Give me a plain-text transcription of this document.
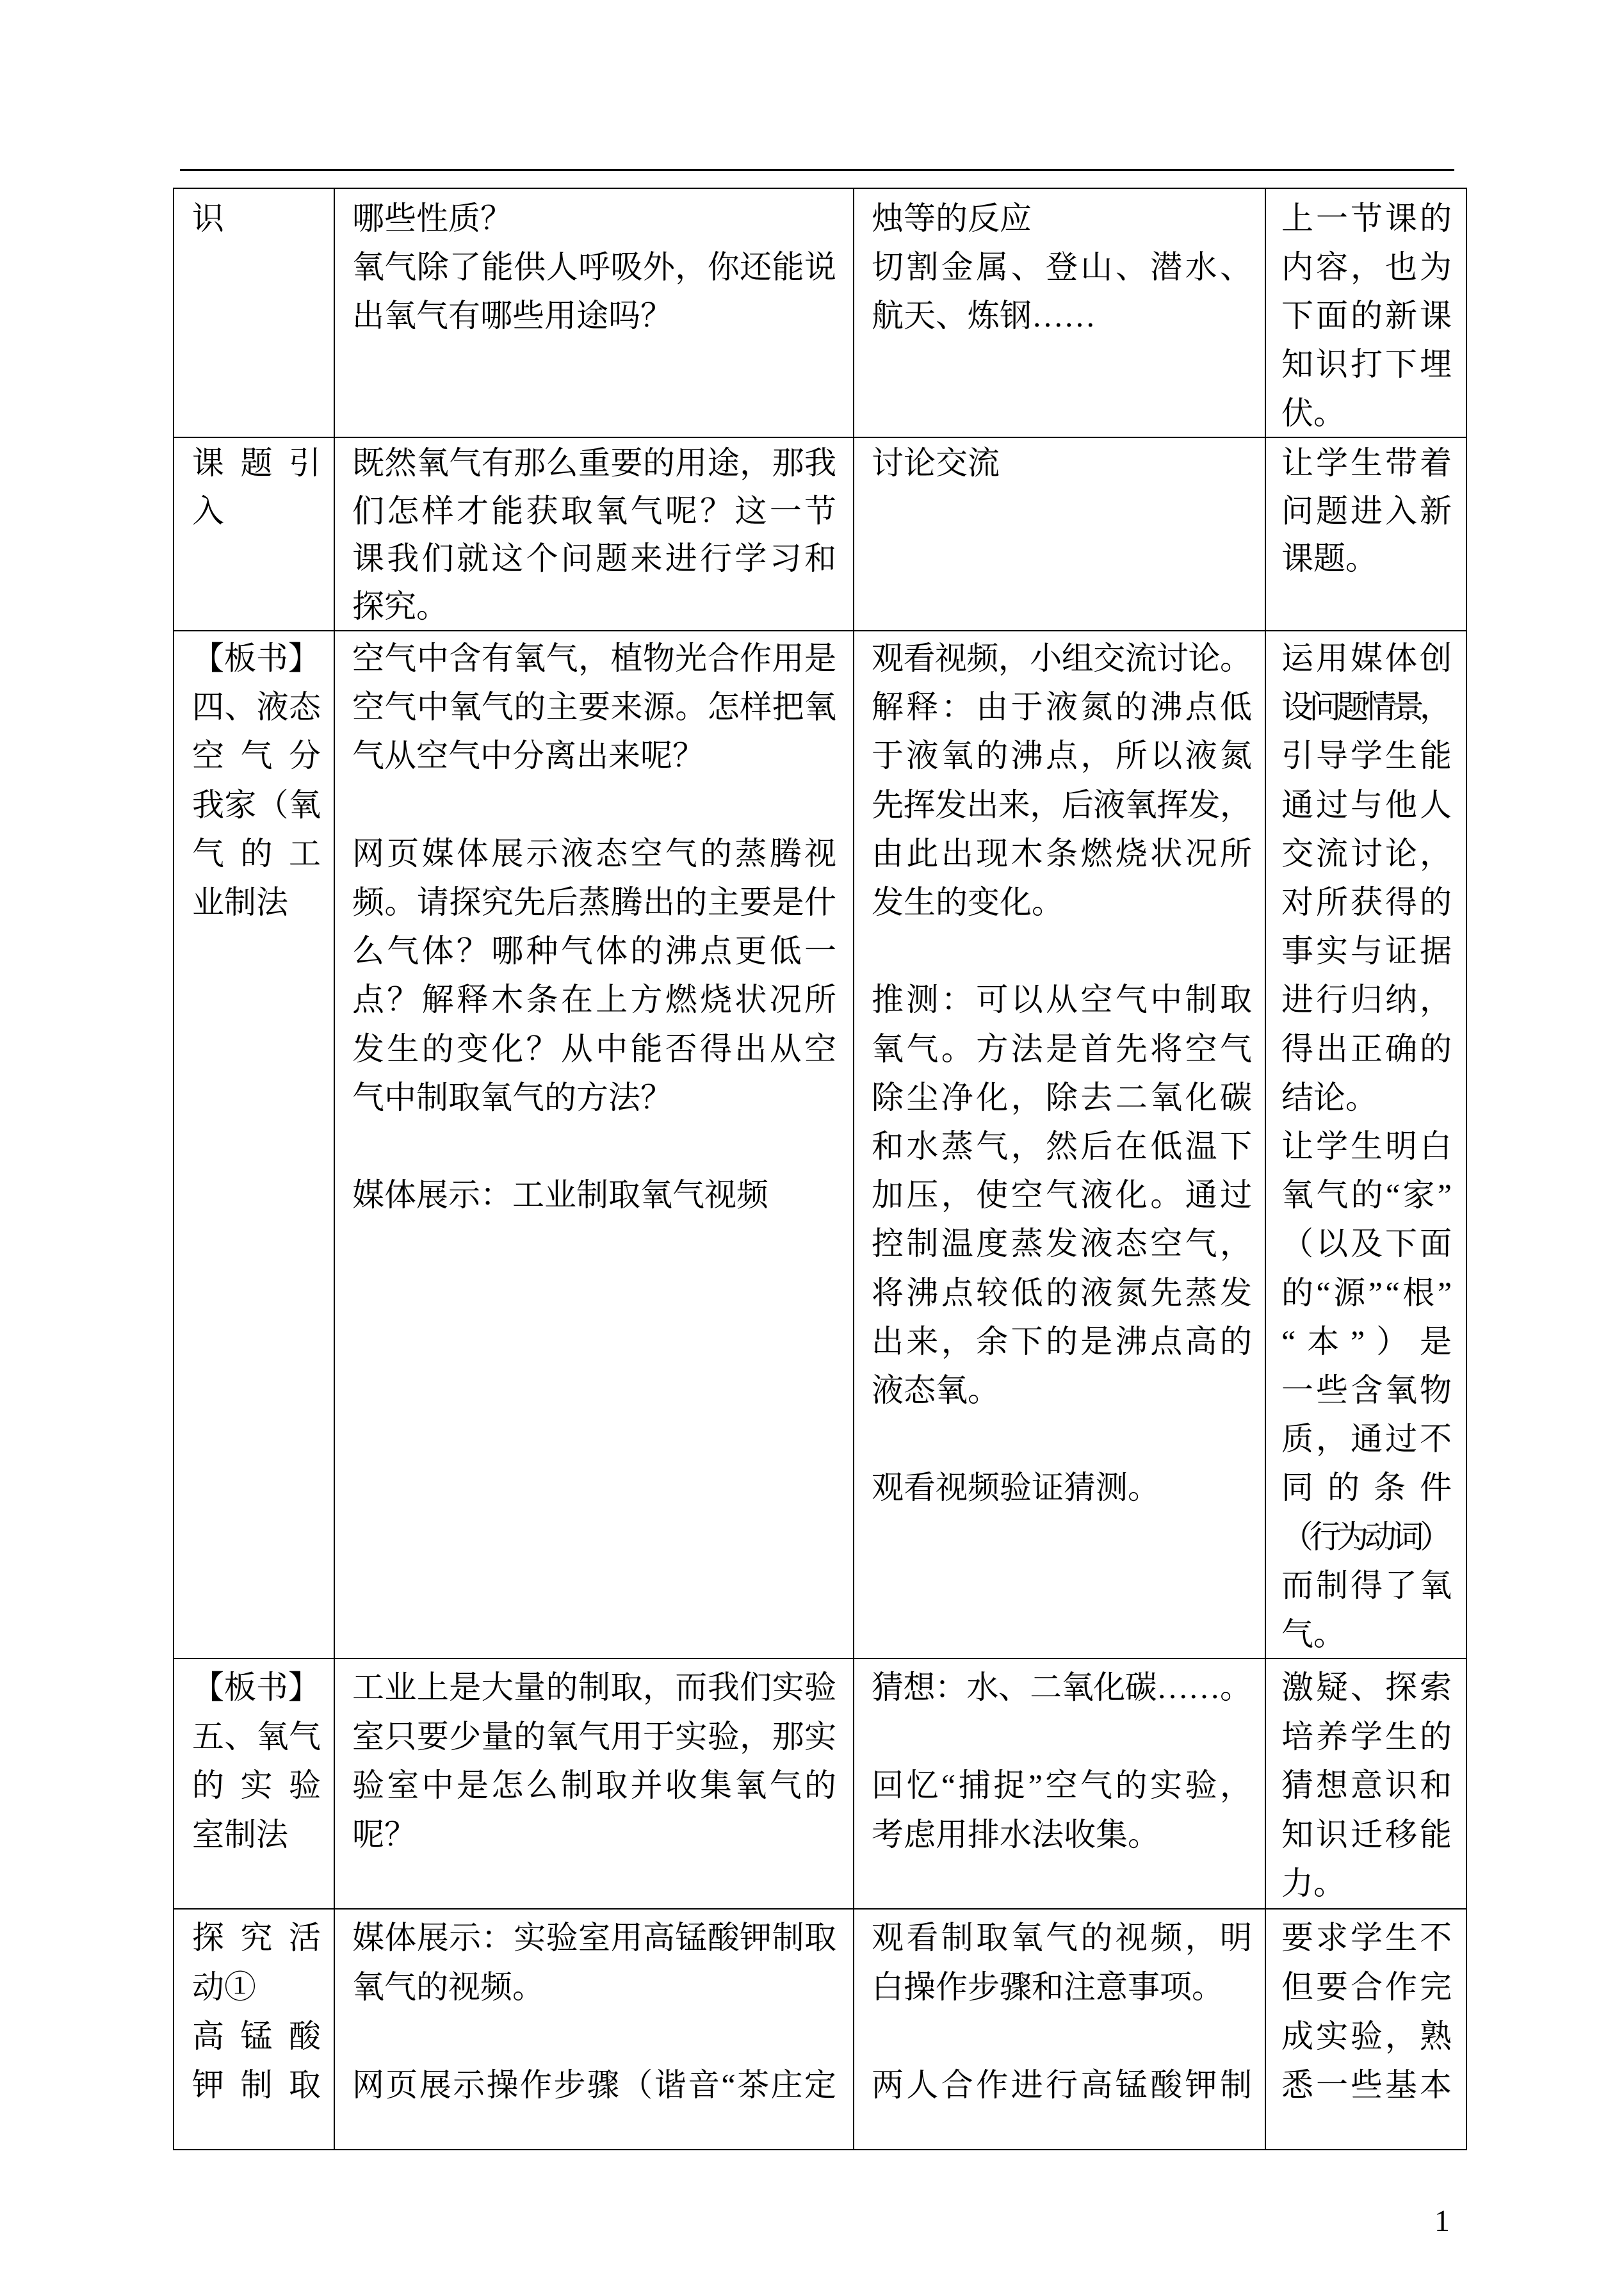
识	哪些性质？
氧气除了能供人呼吸外，你还能说
出氧气有哪些用途吗？
烛等的反应
切割金属、登山、潜水、
航天、炼钢……
上一节课的
内容，也为
下面的新课
知识打下埋
伏。
课题引
入
既然氧气有那么重要的用途，那我
们怎样才能获取氧气呢？这一节
课我们就这个问题来进行学习和
探究。
讨论交流	让学生带着
问题进入新
课题。
【板书】
四、液态
空气分
我家（氧
气的工
业制法
空气中含有氧气，植物光合作用是
空气中氧气的主要来源。怎样把氧
气从空气中分离出来呢？
网页媒体展示液态空气的蒸腾视
频。请探究先后蒸腾出的主要是什
么气体？哪种气体的沸点更低一
点？解释木条在上方燃烧状况所
发生的变化？从中能否得出从空
气中制取氧气的方法？
媒体展示：工业制取氧气视频
观看视频，小组交流讨论。
解释：由于液氮的沸点低
于液氧的沸点，所以液氮
先挥发出来，后液氧挥发，
由此出现木条燃烧状况所
发生的变化。
推测：可以从空气中制取
氧气。方法是首先将空气
除尘净化，除去二氧化碳
和水蒸气，然后在低温下
加压，使空气液化。通过
控制温度蒸发液态空气，
将沸点较低的液氮先蒸发
出来，余下的是沸点高的
液态氧。
观看视频验证猜测。
运用媒体创
设问题情景，
引导学生能
通过与他人
交流讨论，
对所获得的
事实与证据
进行归纳，
得出正确的
结论。
让学生明白
氧气的“家”
（以及下面
的“源”“根”
“本”）是
一些含氧物
质，通过不
同的条件
（行为动词）
而制得了氧
气。
【板书】
五、氧气
的实验
室制法
工业上是大量的制取，而我们实验
室只要少量的氧气用于实验，那实
验室中是怎么制取并收集氧气的
呢？
猜想：水、二氧化碳……。
回忆“捕捉”空气的实验，
考虑用排水法收集。
激疑、探索
培养学生的
猜想意识和
知识迁移能
力。
探究活
动①
高锰酸
钾制取
媒体展示：实验室用高锰酸钾制取
氧气的视频。
网页展示操作步骤（谐音“茶庄定
观看制取氧气的视频，明
白操作步骤和注意事项。
两人合作进行高锰酸钾制
要求学生不
但要合作完
成实验，熟
悉一些基本
1
